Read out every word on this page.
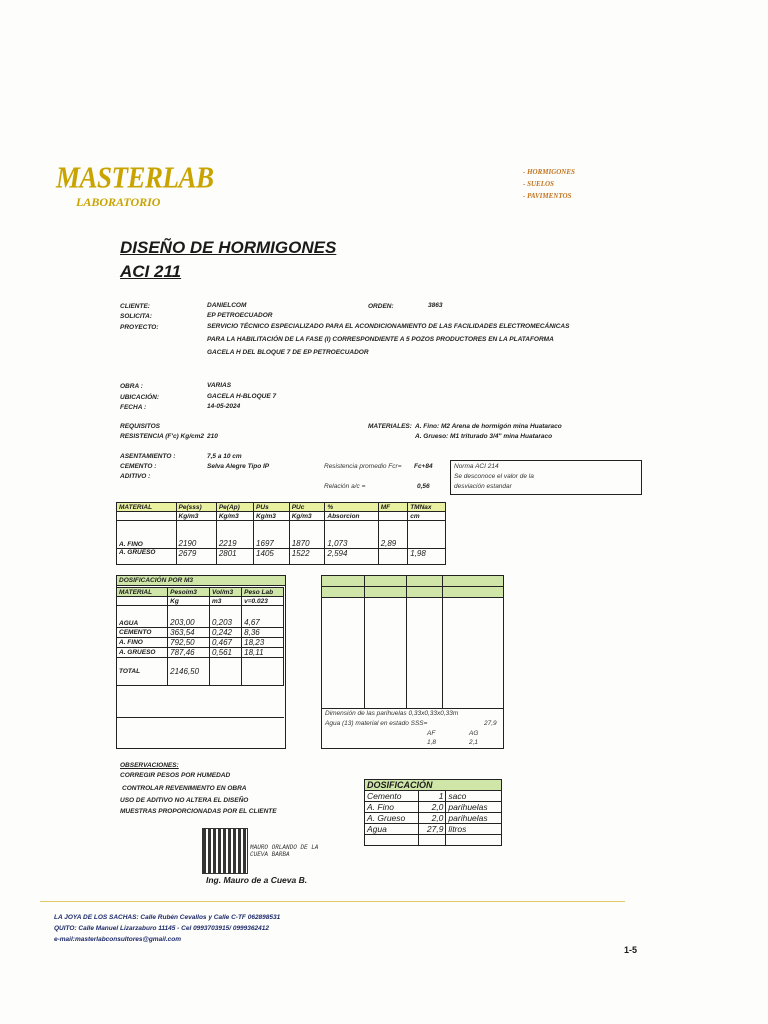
MASTERLAB
LABORATORIO
- HORMIGONES
- SUELOS
- PAVIMENTOS
DISEÑO DE HORMIGONES
ACI 211
CLIENTE:	DANIELCOM	ORDEN:	3863
SOLICITA:	EP PETROECUADOR
PROYECTO:	SERVICIO TÉCNICO ESPECIALIZADO PARA EL ACONDICIONAMIENTO DE LAS FACILIDADES ELECTROMECÁNICAS
PARA LA HABILITACIÓN DE LA FASE (I) CORRESPONDIENTE A 5 POZOS PRODUCTORES EN LA PLATAFORMA
GACELA H DEL BLOQUE 7 DE EP PETROECUADOR
OBRA :	VARIAS
UBICACIÓN:	GACELA H-BLOQUE 7
FECHA :	14-05-2024
REQUISITOS
RESISTENCIA (F'c) Kg/cm2 210
MATERIALES: A. Fino: M2 Arena de hormigón mina Huataraco
A. Grueso: M1 triturado 3/4" mina Huataraco
ASENTAMIENTO :	7,5 a 10 cm
CEMENTO :	Selva Alegre Tipo IP
ADITIVO :
Resistencia promedio Fcr= Fc+84
Relación a/c =	0,56
Norma ACI 214
Se desconoce el valor de la
desviación estandar
MATERIAL	Pe(sss)	Pe(Ap)	PUs	PUc	%	MF	TMNax
	Kg/m3	Kg/m3	Kg/m3	Kg/m3	Absorcion		cm
A. FINO	2190	2219	1697	1870	1,073	2,89	
A. GRUESO	2679	2801	1405	1522	2,594		1,98
DOSIFICACIÓN POR M3
MATERIAL	Pesoim3	Vol/m3	Peso Lab
	Kg	m3	v=0.023
AGUA	203,00	0,203	4,67
CEMENTO	363,54	0,242	8,36
A. FINO	792,50	0,467	18,23
A. GRUESO	787,46	0,561	18,11
TOTAL	2146,50		
Dimensión de las parihuelas 0,33x0,33x0,33m
Agua (13) material en estado SSS=	27,9
AF	AG
1,8	2,1
OBSERVACIONES:
CORREGIR PESOS POR HUMEDAD
CONTROLAR REVENIMIENTO EN OBRA
USO DE ADITIVO NO ALTERA EL DISEÑO
MUESTRAS PROPORCIONADAS POR EL CLIENTE
DOSIFICACIÓN		
Cemento	1	saco
A. Fino	2,0	parihuelas
A. Grueso	2,0	parihuelas
Agua	27,9	litros

MAURO ORLANDO DE LA
CUEVA BARBA
Ing. Mauro de a Cueva B.
LA JOYA DE LOS SACHAS: Calle Rubén Cevallos y Calle C-TF 062898531
QUITO: Calle Manuel Lizarzaburo 11145 - Cel 0993703915/ 0999362412
e-mail:masterlabconsultores@gmail.com
1-5
